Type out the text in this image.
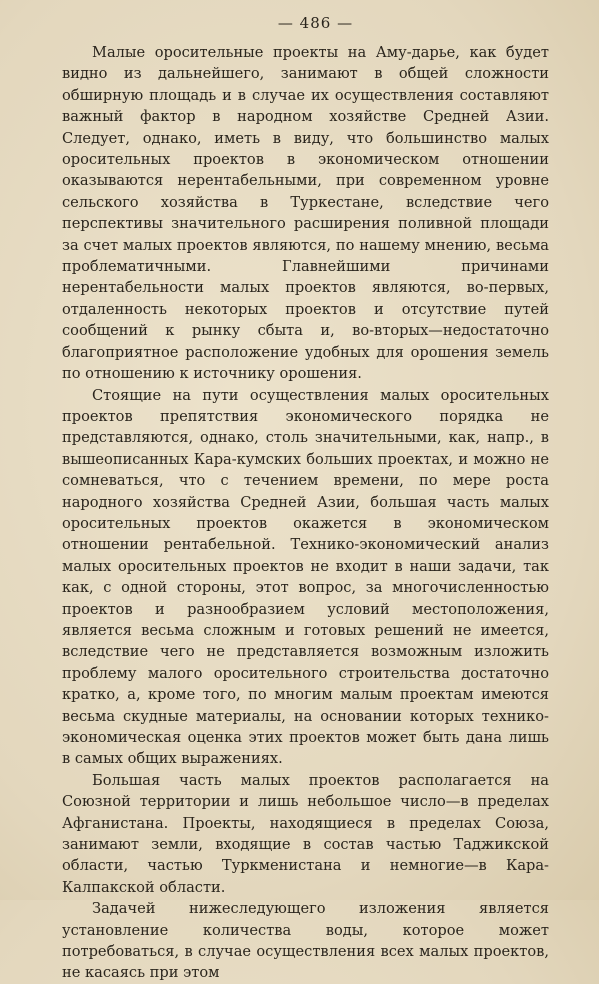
— 486 —

Малые оросительные проекты на Аму-дарье, как будет видно из дальнейшего, занимают в общей сложности обширную площадь и в случае их осуществления составляют важный фактор в народном хозяйстве Средней Азии. Следует, однако, иметь в виду, что большинство малых оросительных проектов в экономическом отношении оказываются нерентабельными, при современном уровне сельского хозяйства в Туркестане, вследствие чего перспективы значительного расширения поливной площади за счет малых проектов являются, по нашему мнению, весьма проблематичными. Главнейшими причинами нерентабельности малых проектов являются, во-первых, отдаленность некоторых проектов и отсутствие путей сообщений к рынку сбыта и, во-вторых—недостаточно благоприятное расположение удобных для орошения земель по отношению к источнику орошения.

Стоящие на пути осуществления малых оросительных проектов препятствия экономического порядка не представляются, однако, столь значительными, как, напр., в вышеописанных Кара-кумских больших проектах, и можно не сомневаться, что с течением времени, по мере роста народного хозяйства Средней Азии, большая часть малых оросительных проектов окажется в экономическом отношении рентабельной. Технико-экономический анализ малых оросительных проектов не входит в наши задачи, так как, с одной стороны, этот вопрос, за многочисленностью проектов и разнообразием условий местоположения, является весьма сложным и готовых решений не имеется, вследствие чего не представляется возможным изложить проблему малого оросительного строительства достаточно кратко, а, кроме того, по многим малым проектам имеются весьма скудные материалы, на основании которых технико-экономическая оценка этих проектов может быть дана лишь в самых общих выражениях.

Большая часть малых проектов располагается на Союзной территории и лишь небольшое число—в пределах Афганистана. Проекты, находящиеся в пределах Союза, занимают земли, входящие в состав частью Таджикской области, частью Туркменистана и немногие—в Кара-Калпакской области.

Задачей нижеследующего изложения является установление количества воды, которое может потребоваться, в случае осуществления всех малых проектов, не касаясь при этом
